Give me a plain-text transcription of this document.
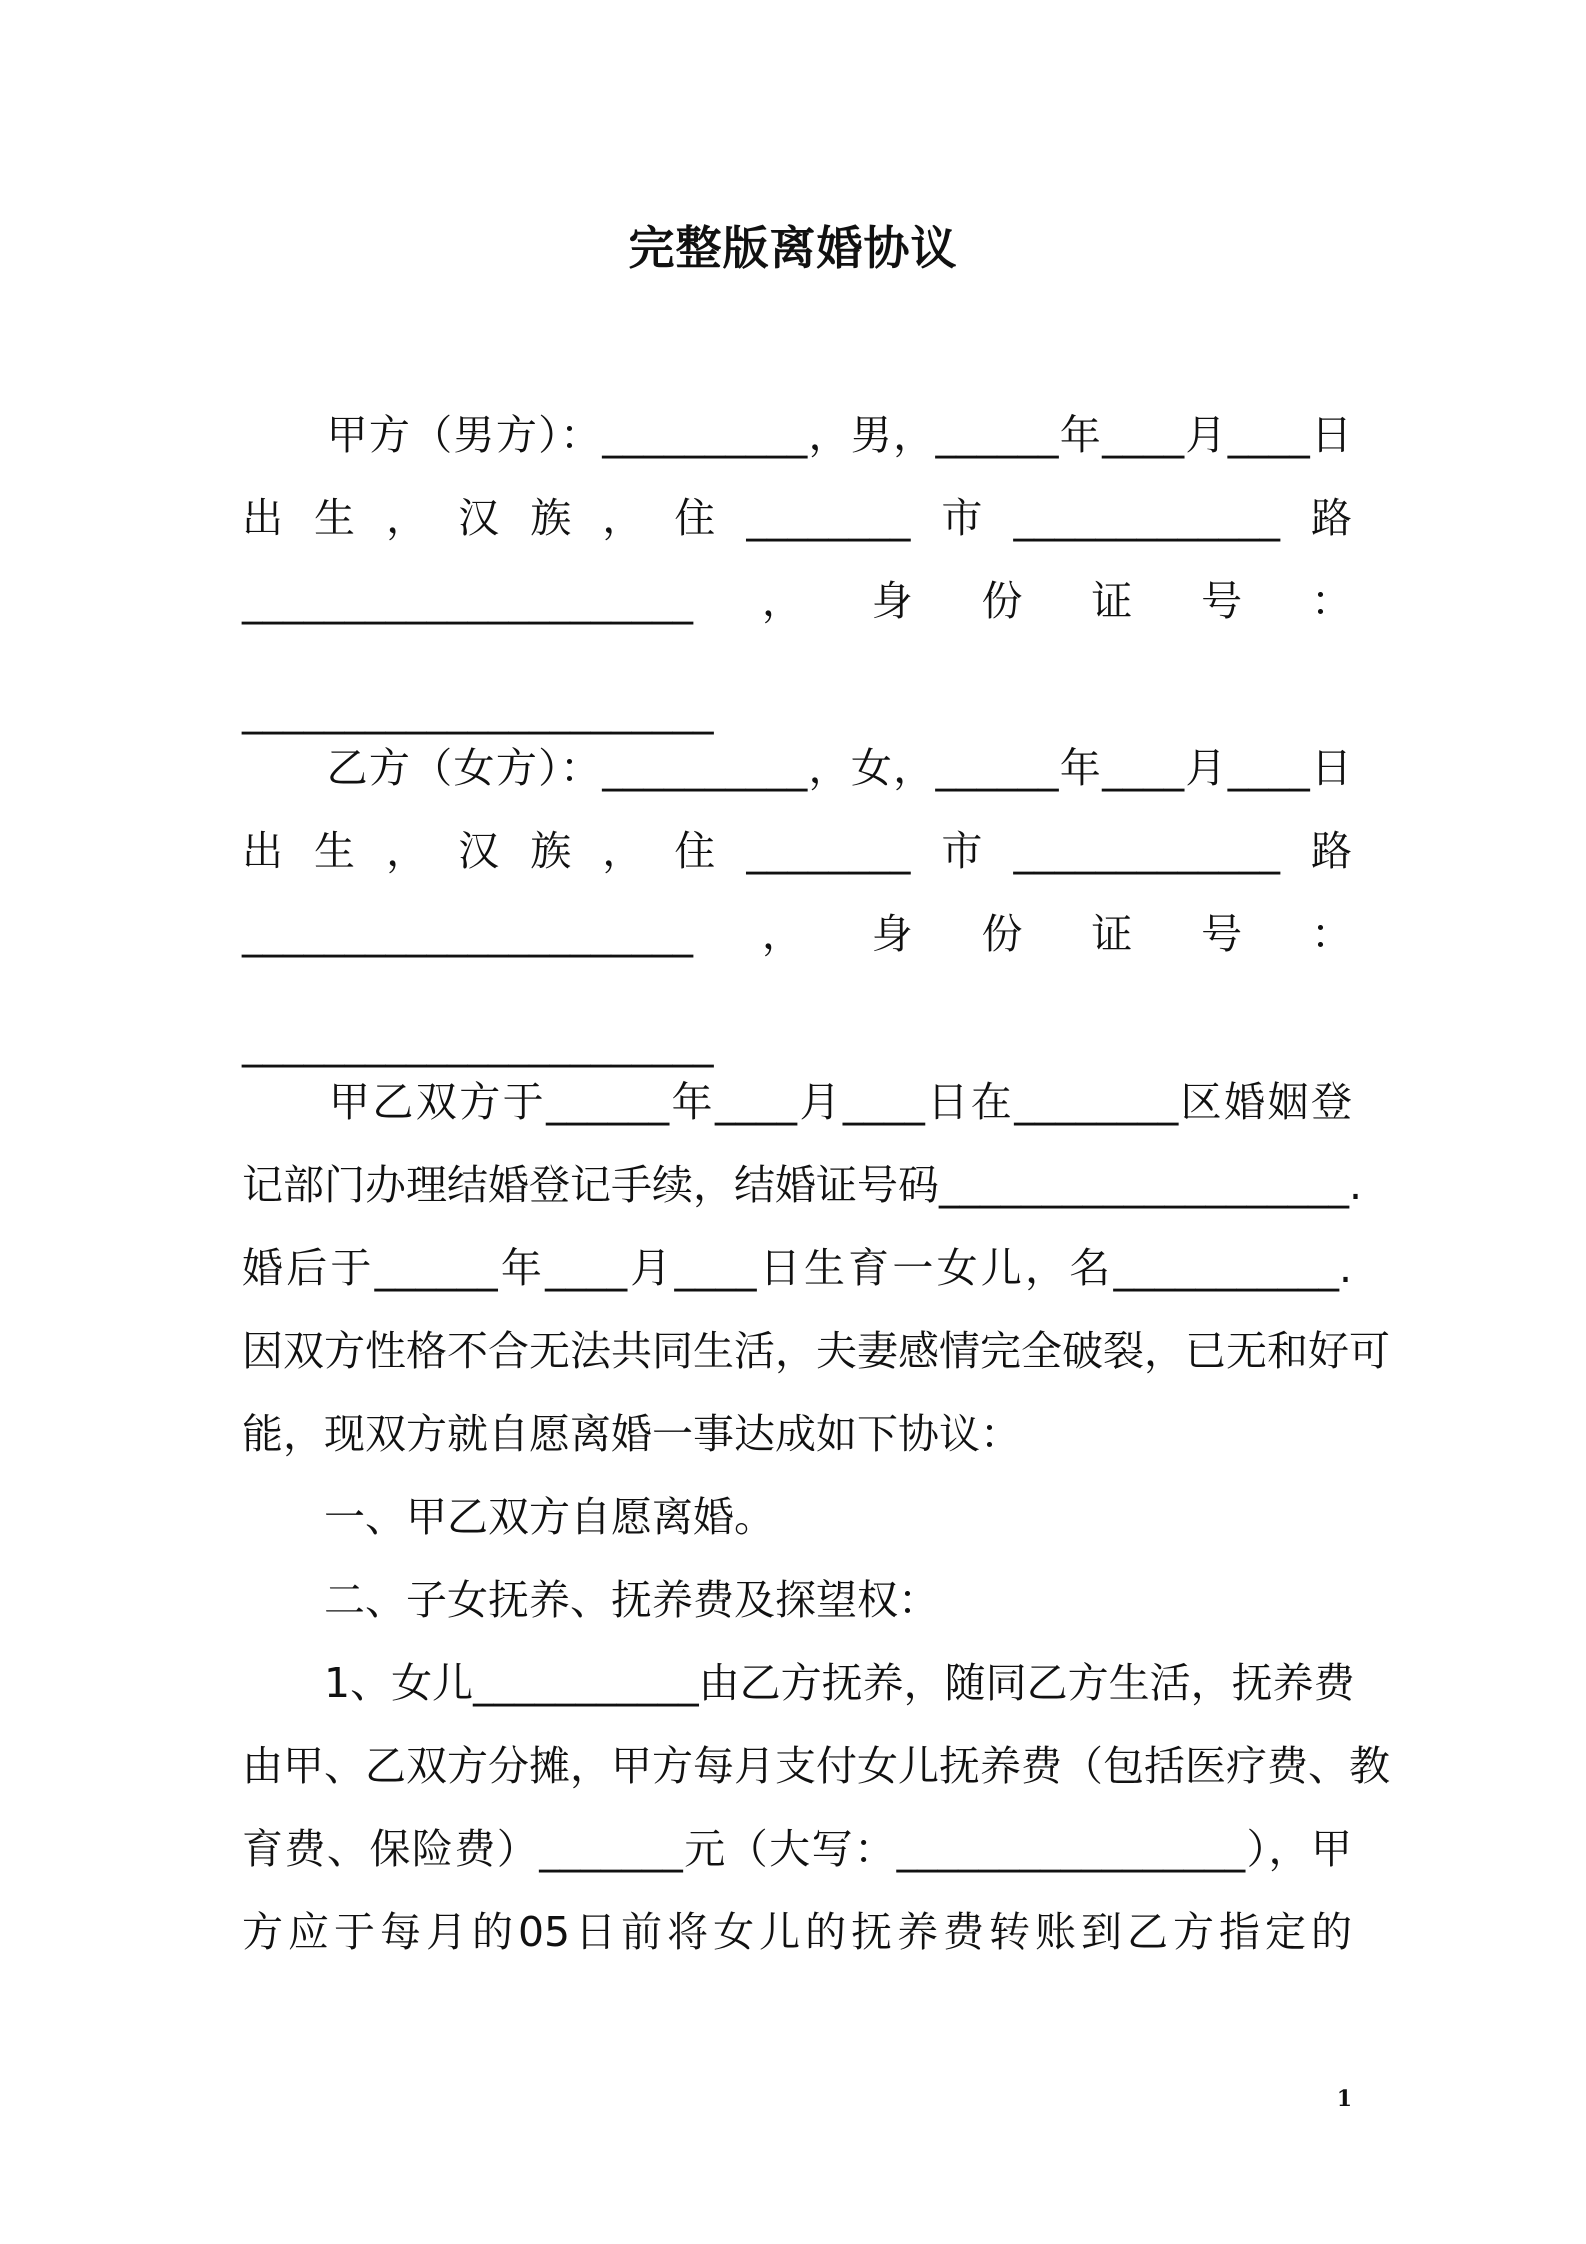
完整版离婚协议
　　甲方（男方）：__________，男，______年____月____日
出生，汉族，住________市_____________路
______________________，身份证号：
_______________________
　　乙方（女方）：__________，女，______年____月____日
出生，汉族，住________市_____________路
______________________，身份证号：
_______________________
　　甲乙双方于______年____月____日在________区婚姻登
记部门办理结婚登记手续，结婚证号码____________________.
婚后于______年____月____日生育一女儿，名___________.
因双方性格不合无法共同生活，夫妻感情完全破裂，已无和好可
能，现双方就自愿离婚一事达成如下协议：
　　一、甲乙双方自愿离婚。
　　二、子女抚养、抚养费及探望权：
　　1、女儿___________由乙方抚养，随同乙方生活，抚养费
由甲、乙双方分摊，甲方每月支付女儿抚养费（包括医疗费、教
育费、保险费）_______元（大写：_________________），甲
方应于每月的05日前将女儿的抚养费转账到乙方指定的
1
